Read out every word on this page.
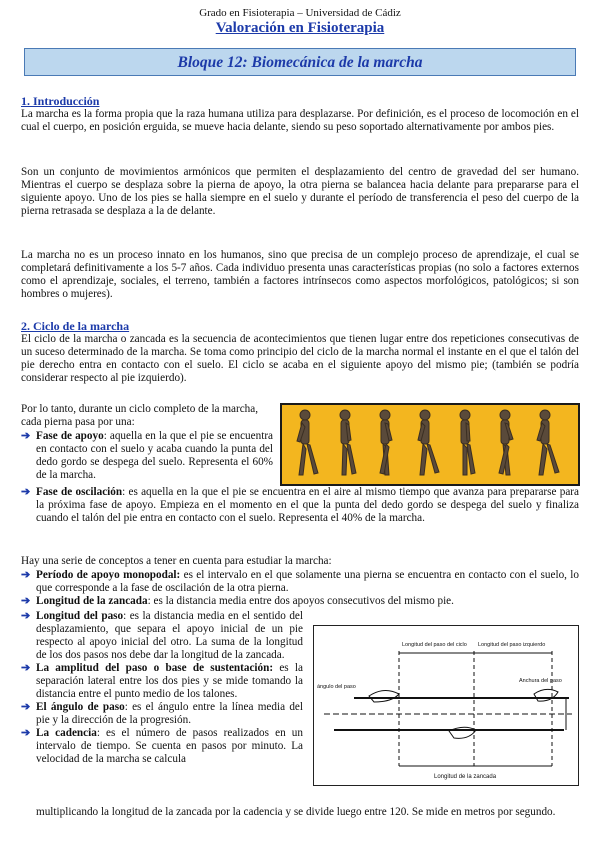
Grado en Fisioterapia – Universidad de Cádiz
Valoración en Fisioterapia
Bloque 12: Biomecánica de la marcha
1. Introducción

La marcha es la forma propia que la raza humana utiliza para desplazarse. Por definición, es el proceso de locomoción en el cual el cuerpo, en posición erguida, se mueve hacia delante, siendo su peso soportado alternativamente por ambos pies.

Son un conjunto de movimientos armónicos que permiten el desplazamiento del centro de gravedad del ser humano. Mientras el cuerpo se desplaza sobre la pierna de apoyo, la otra pierna se balancea hacia delante para prepararse para el siguiente apoyo. Uno de los pies se halla siempre en el suelo y durante el período de transferencia el peso del cuerpo de la pierna retrasada se desplaza a la de delante.

La marcha no es un proceso innato en los humanos, sino que precisa de un complejo proceso de aprendizaje, el cual se completará definitivamente a los 5-7 años. Cada individuo presenta unas características propias (no solo a factores externos como el aprendizaje, sociales, el terreno, también a factores intrínsecos como aspectos morfológicos, patológicos; si son hombres o mujeres).

2. Ciclo de la marcha

El ciclo de la marcha o zancada es la secuencia de acontecimientos que tienen lugar entre dos repeticiones consecutivas de un suceso determinado de la marcha. Se toma como principio del ciclo de la marcha normal el instante en el que el talón del pie derecho entra en contacto con el suelo. El ciclo se acaba en el siguiente apoyo del mismo pie; (también se podría considerar respecto al pie izquierdo).

Por lo tanto, durante un ciclo completo de la marcha, cada pierna pasa por una:

➔ Fase de apoyo: aquella en la que el pie se encuentra en contacto con el suelo y acaba cuando la punta del dedo gordo se despega del suelo. Representа el 60% de la marcha.
➔ Fase de oscilación: es aquella en la que el pie se encuentra en el aire al mismo tiempo que avanza para prepararse para la próxima fase de apoyo. Empieza en el momento en el que la punta del dedo gordo se despega del suelo y finaliza cuando el talón del pie entra en contacto con el suelo. Representa el 40% de la marcha.

Hay una serie de conceptos a tener en cuenta para estudiar la marcha:

➔ Período de apoyo monopodal: es el intervalo en el que solamente una pierna se encuentra en contacto con el suelo, lo que corresponde a la fase de oscilación de la otra pierna.
➔ Longitud de la zancada: es la distancia media entre dos apoyos consecutivos del mismo pie.
➔ Longitud del paso: es la distancia media en el sentido del desplazamiento, que separa el apoyo inicial de un pie respecto al apoyo inicial del otro. La suma de la longitud de los dos pasos nos debe dar la longitud de la zancada.
➔ La amplitud del paso o base de sustentación: es la separación lateral entre los dos pies y se mide tomando la distancia entre el punto medio de los talones.
➔ El ángulo de paso: es el ángulo entre la línea media del pie y la dirección de la progresión.
➔ La cadencia: es el número de pasos realizados en un intervalo de tiempo. Se cuenta en pasos por minuto. La velocidad de la marcha se calcula

multiplicando la longitud de la zancada por la cadencia y se divide luego entre 120. Se mide en metros por segundo.

Longitud del paso del ciclo Longitud del paso izquierdo
ángulo del paso
Anchura del paso
Longitud de la zancada
